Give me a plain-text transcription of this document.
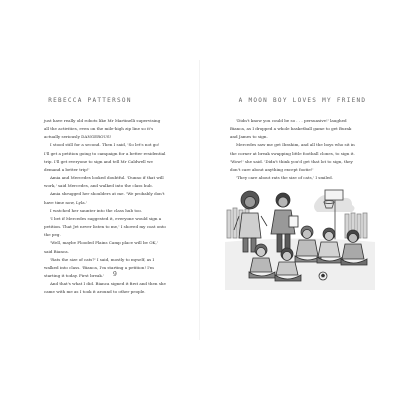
REBECCA PATTERSON

just have really old robots like Mr Martinelli supervising all the activities, even on the mile-high zip line so it's actually seriously DANGEROUS!

I stood still for a second. Then I said, 'So let's not go! I'll get a petition going to campaign for a better residential trip. I'll get everyone to sign and tell Mr Caldwell we demand a better trip!'

Amia and Mercedes looked doubtful. 'Dunno if that will work,' said Mercedes, and walked into the class hub.

Amia shrugged her shoulders at me. 'We probably don't have time now, Lyla.'

I watched her saunter into the class hub too.

'I bet if Mercedes suggested it, everyone would sign a petition. That Jet never listen to me,' I shoved my coat onto the peg.

'Well, maybe Flooded Plains Camp place will be OK,' said Bianca.

'Rats the size of cats?' I said, mostly to myself, as I walked into class. 'Bianca, I'm starting a petition! I'm starting it today. First break.'

And that's what I did. Bianca signed it first and then she came with me as I took it around to other people.

9
A MOON BOY LOVES MY FRIEND

'Didn't know you could be so . . . persuasive!' laughed Bianca, as I dropped a whole basketball game to get Burak and James to sign.

Mercedes saw me get Ibrahim, and all the boys who sit in the corner at break swapping little football clones, to sign it. 'Wow!' she said. 'Didn't think you'd get that lot to sign, they don't care about anything except footie!'

'They care about rats the size of cats,' I smiled.
